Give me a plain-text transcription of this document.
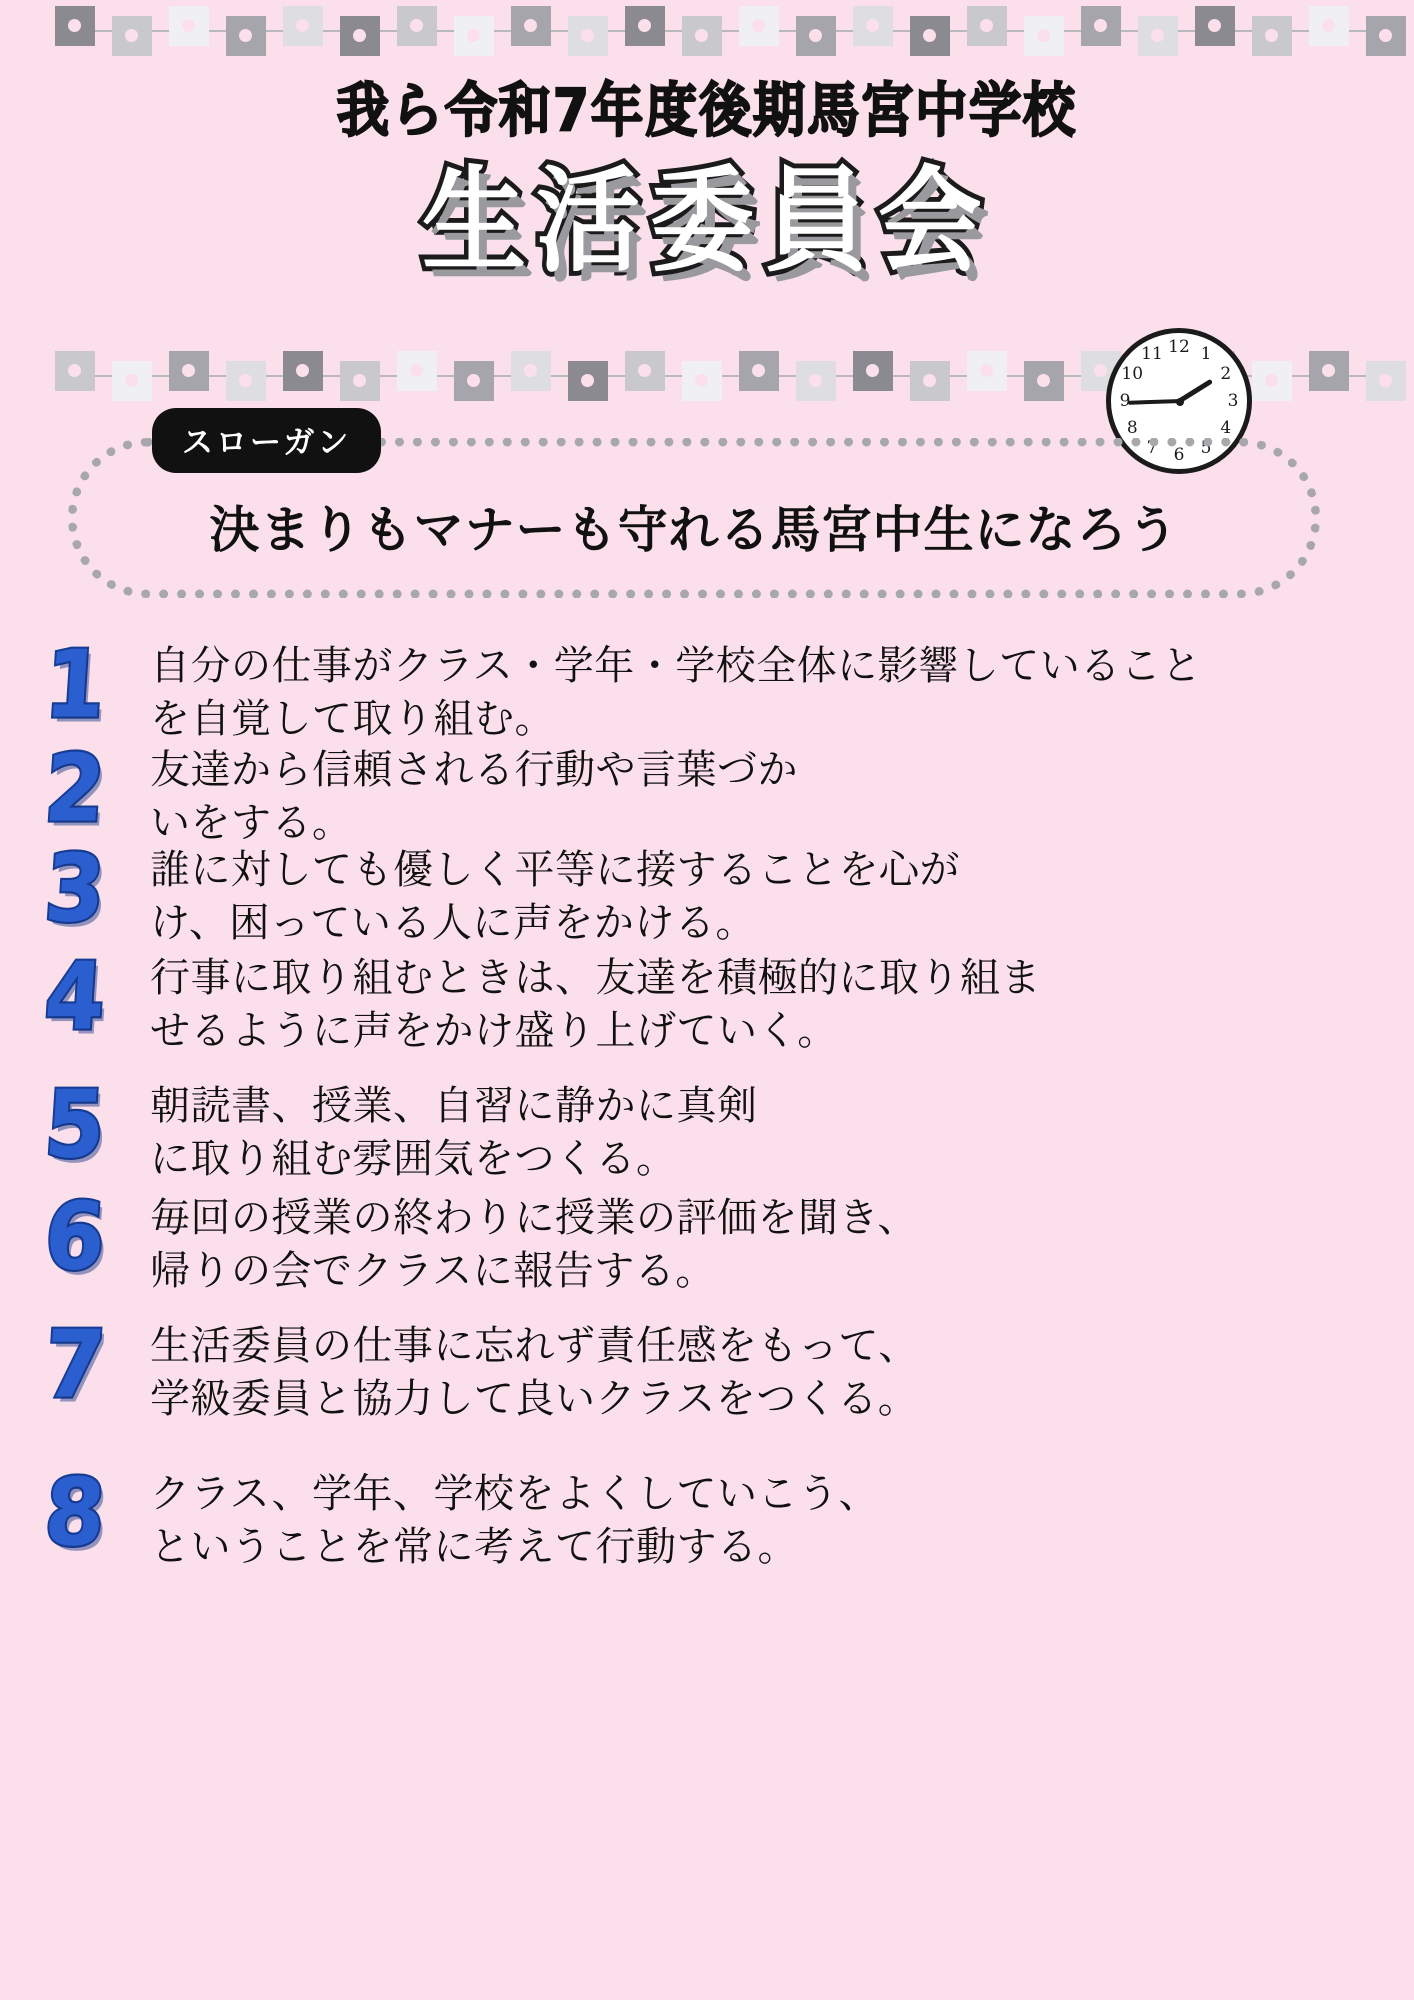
我ら令和7年度後期馬宮中学校
生活委員会
12 1
2
3
4
5
6
7
8
9
10
11
スローガン
決まりもマナーも守れる馬宮中生になろう
1	自分の仕事がクラス・学年・学校全体に影響していること
を自覚して取り組む。
2	友達から信頼される行動や言葉づか
いをする。
3	誰に対しても優しく平等に接することを心が
け、困っている人に声をかける。
4	行事に取り組むときは、友達を積極的に取り組ま
せるように声をかけ盛り上げていく。
5	朝読書、授業、自習に静かに真剣
に取り組む雰囲気をつくる。
6	毎回の授業の終わりに授業の評価を聞き、
帰りの会でクラスに報告する。
7	生活委員の仕事に忘れず責任感をもって、
学級委員と協力して良いクラスをつくる。
8	クラス、学年、学校をよくしていこう、
ということを常に考えて行動する。
